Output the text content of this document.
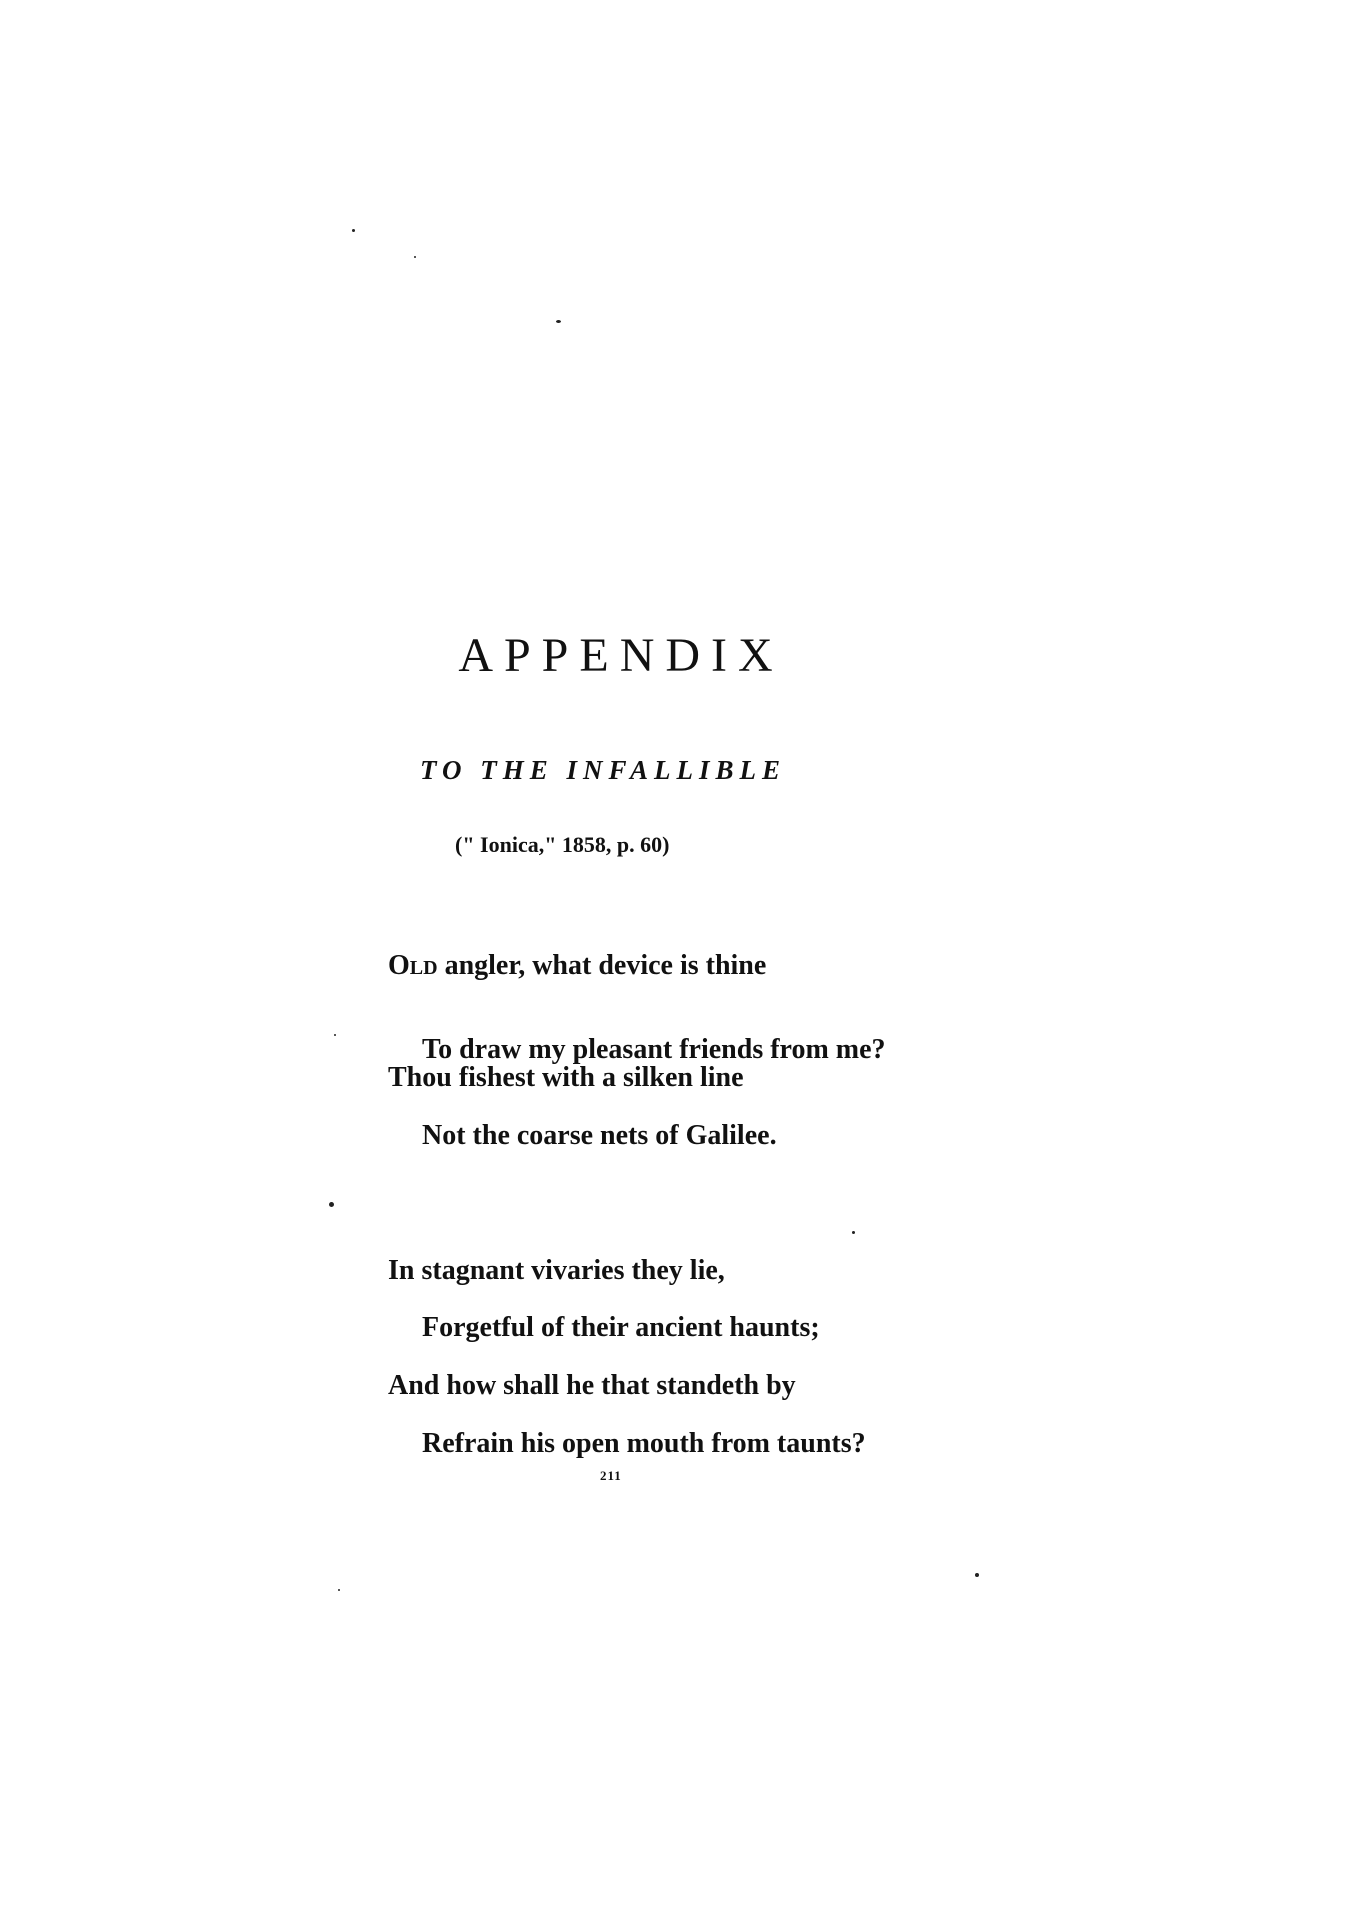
APPENDIX
TO THE INFALLIBLE
(" Ionica," 1858, p. 60)
Old angler, what device is thine
To draw my pleasant friends from me?
Thou fishest with a silken line
Not the coarse nets of Galilee.
In stagnant vivaries they lie,
Forgetful of their ancient haunts;
And how shall he that standeth by
Refrain his open mouth from taunts?
211
